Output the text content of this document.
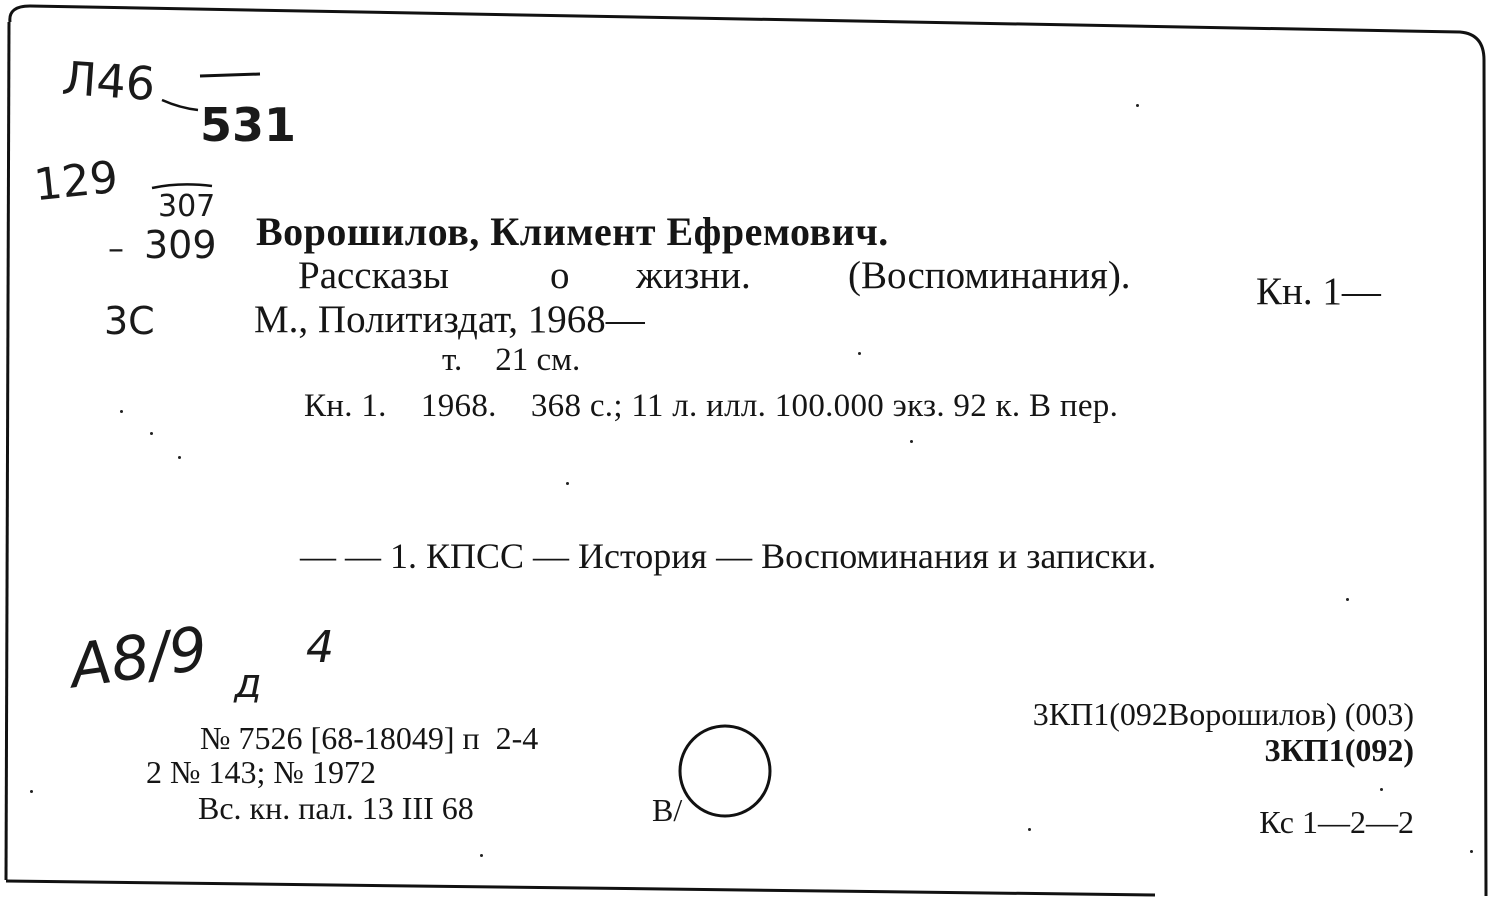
Л46
531
129 307
– 309
3С
Ворошилов, Климент Ефремович.
Рассказы	о жизни. (Воспоминания).	Кн. 1—
М., Политиздат, 1968—
т.    21 см.
Кн. 1.    1968.    368 с.; 11 л. илл. 100.000 экз. 92 к. В пер.
— — 1. КПСС — История — Воспоминания и записки.
А8/9 д
4
№ 7526 [68-18049] п  2-4
2 № 143; № 1972
Вс. кн. пал. 13 III 68	В/
3КП1(092Ворошилов) (003)
3КП1(092)
Кс 1—2—2
